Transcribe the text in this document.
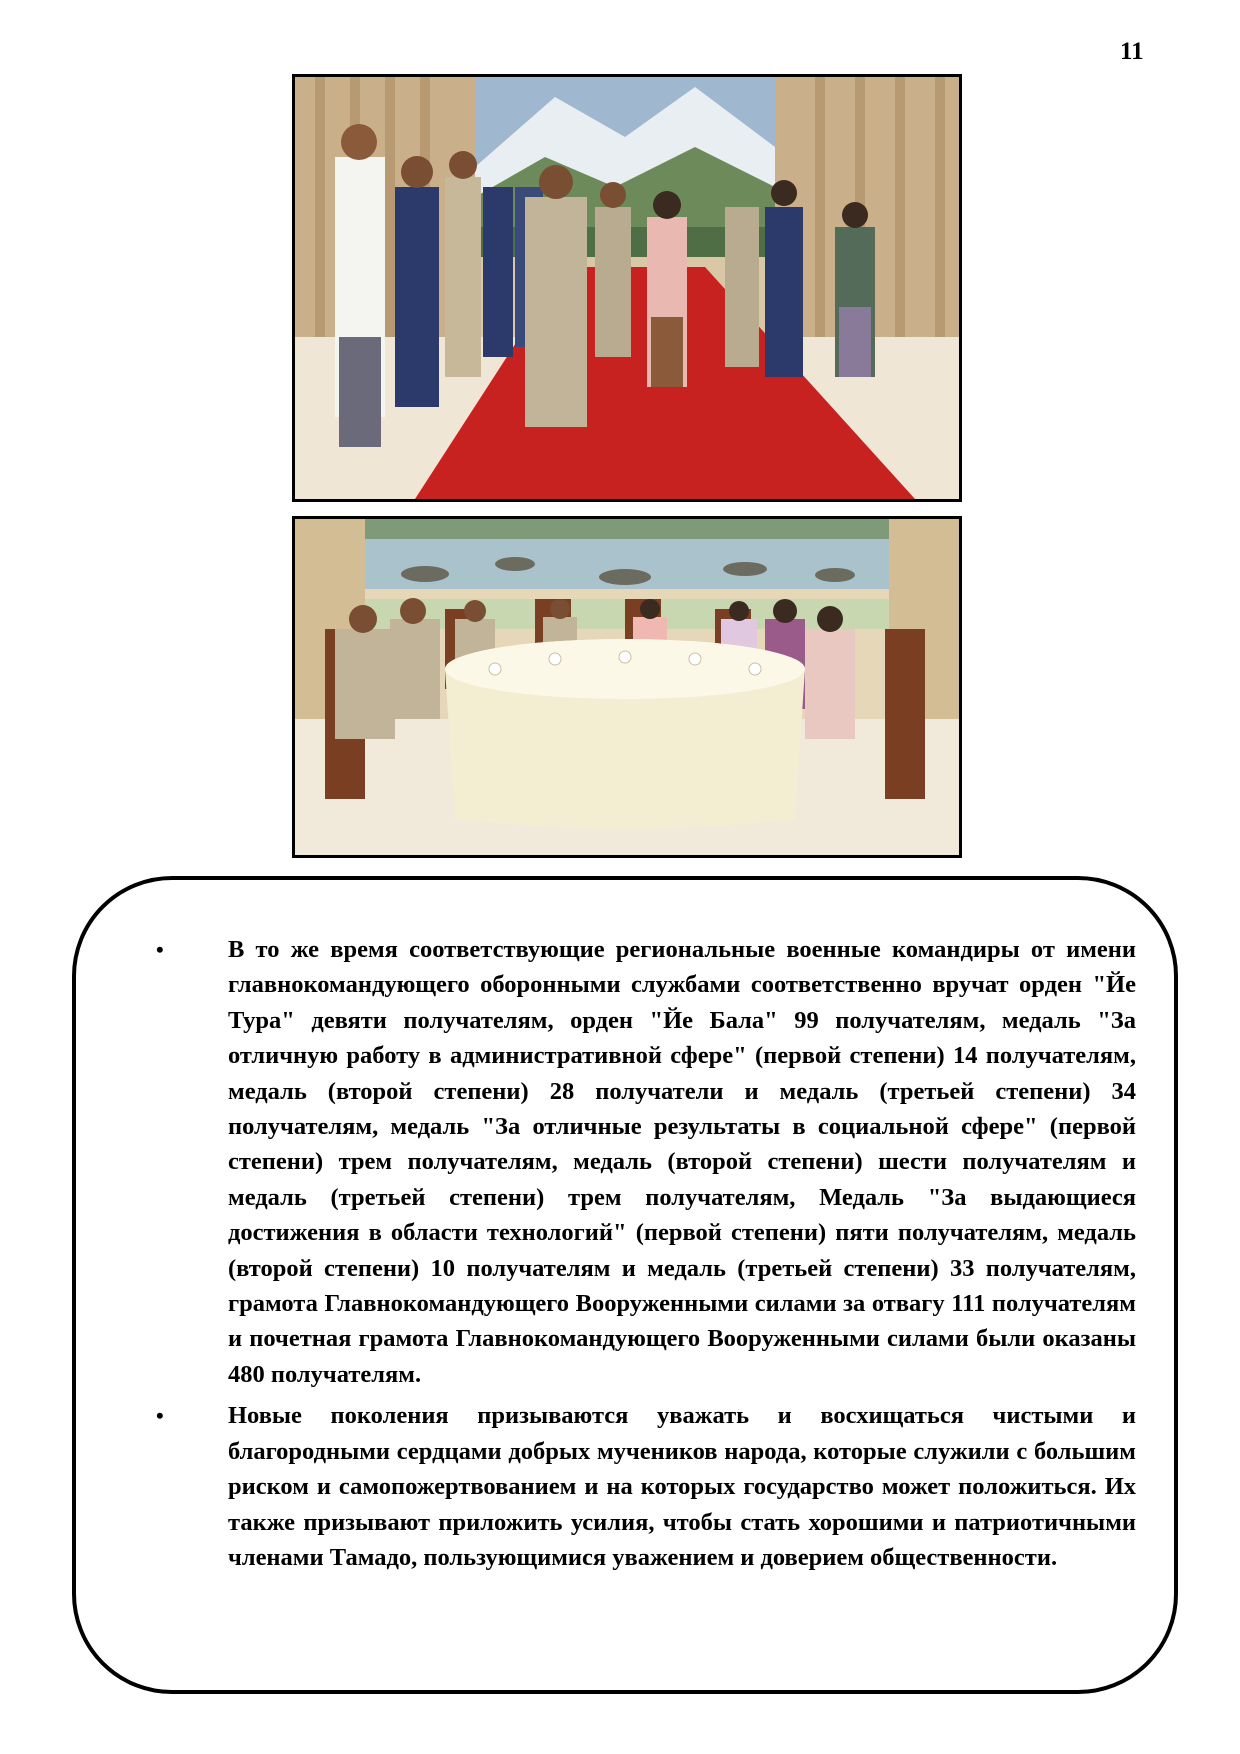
11
•	В то же время соответствующие региональные военные командиры от имени главнокомандующего оборонными службами соответственно вручат орден "Йе Тура" девяти получателям, орден "Йе Бала" 99 получателям, медаль "За отличную работу в административной сфере" (первой степени) 14 получателям, медаль (второй степени) 28 получатели и медаль (третьей степени) 34 получателям, медаль "За отличные результаты в социальной сфере" (первой степени) трем получателям, медаль (второй степени) шести получателям и медаль (третьей степени) трем получателям, Медаль "За выдающиеся достижения в области технологий" (первой степени) пяти получателям, медаль (второй степени) 10 получателям и медаль (третьей степени) 33 получателям, грамота Главнокомандующего Вооруженными силами за отвагу 111 получателям и почетная грамота Главнокомандующего Вооруженными силами были оказаны 480 получателям.
•	Новые поколения призываются уважать и восхищаться чистыми и благородными сердцами добрых мучеников народа, которые служили с большим риском и самопожертвованием и на которых государство может положиться. Их также призывают приложить усилия, чтобы стать хорошими и патриотичными членами Тамадо, пользующимися уважением и доверием общественности.
